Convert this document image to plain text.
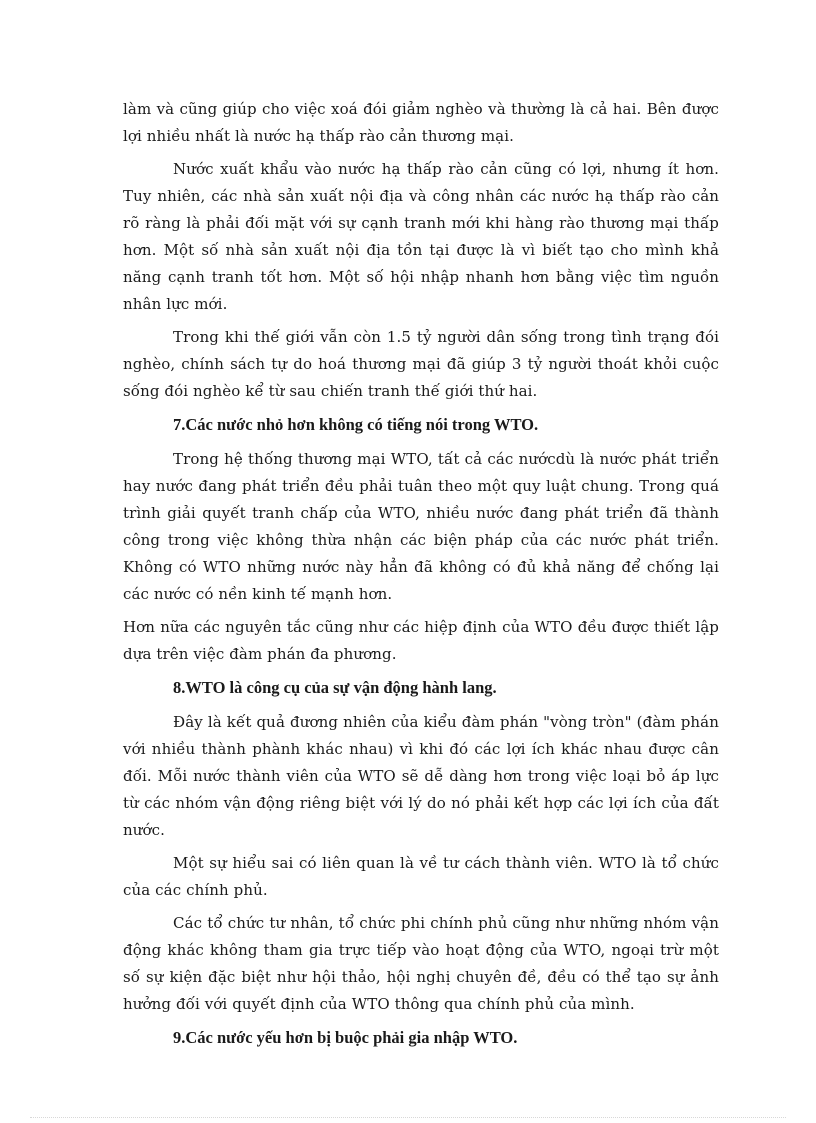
làm và cũng giúp cho việc xoá đói giảm nghèo và thường là cả hai. Bên được lợi nhiều nhất là nước hạ thấp rào cản thương mại.

Nước xuất khẩu vào nước hạ thấp rào cản cũng có lợi, nhưng ít hơn. Tuy nhiên, các nhà sản xuất nội địa và công nhân các nước hạ thấp rào cản rõ ràng là phải đối mặt với sự cạnh tranh mới khi hàng rào thương mại thấp hơn. Một số nhà sản xuất nội địa tồn tại được là vì biết tạo cho mình khả năng cạnh tranh tốt hơn. Một số hội nhập nhanh hơn bằng việc tìm nguồn nhân lực mới.

Trong khi thế giới vẫn còn 1.5 tỷ người dân sống trong tình trạng đói nghèo, chính sách tự do hoá thương mại đã giúp 3 tỷ người thoát khỏi cuộc sống đói nghèo kể từ sau chiến tranh thế giới thứ hai.

7.Các nước nhỏ hơn không có tiếng nói trong WTO.

Trong hệ thống thương mại WTO, tất cả các nướcdù là nước phát triển hay nước đang phát triển đều phải tuân theo một quy luật chung. Trong quá trình giải quyết tranh chấp của WTO, nhiều nước đang phát triển đã thành công trong việc không thừa nhận các biện pháp của các nước phát triển. Không có WTO những nước này hẳn đã không có đủ khả năng để chống lại các nước có nền kinh tế mạnh hơn.

Hơn nữa các nguyên tắc cũng như các hiệp định của WTO đều được thiết lập dựa trên việc đàm phán đa phương.

8.WTO là công cụ của sự vận động hành lang.

Đây là kết quả đương nhiên của kiểu đàm phán "vòng tròn" (đàm phán với nhiều thành phành khác nhau) vì khi đó các lợi ích khác nhau được cân đối. Mỗi nước thành viên của WTO sẽ dễ dàng hơn trong việc loại bỏ áp lực từ các nhóm vận động riêng biệt với lý do nó phải kết hợp các lợi ích của đất nước.

Một sự hiểu sai có liên quan là về tư cách thành viên. WTO là tổ chức của các chính phủ.

Các tổ chức tư nhân, tổ chức phi chính phủ cũng như những nhóm vận động khác không tham gia trực tiếp vào hoạt động của WTO, ngoại trừ một số sự kiện đặc biệt như hội thảo, hội nghị chuyên đề, đều có thể tạo sự ảnh hưởng đối với quyết định của WTO thông qua chính phủ của mình.

9.Các nước yếu hơn bị buộc phải gia nhập WTO.
